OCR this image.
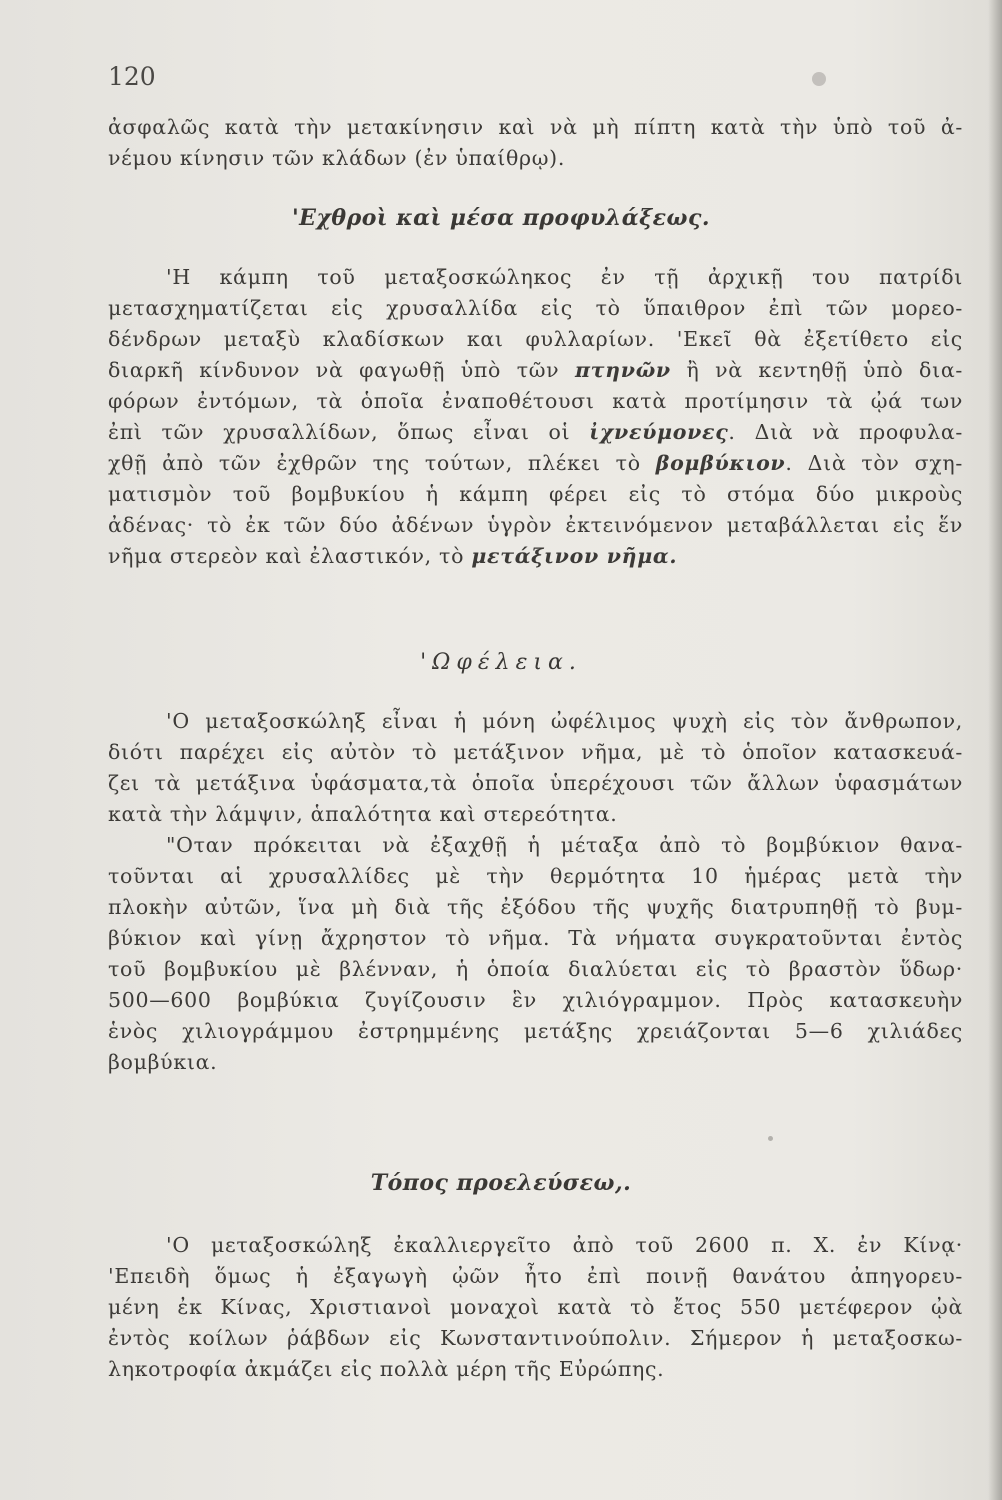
120
ἀσφαλῶς κατὰ τὴν μετακίνησιν καὶ νὰ μὴ πίπτη κατὰ τὴν ὑπὸ τοῦ ἀ-
νέμου κίνησιν τῶν κλάδων (ἐν ὑπαίθρῳ).
'Εχθροὶ καὶ μέσα προφυλάξεως.
'Η κάμπη τοῦ μεταξοσκώληκος ἐν τῇ ἀρχικῇ του πατρίδι
μετασχηματίζεται εἰς χρυσαλλίδα εἰς τὸ ὕπαιθρον ἐπὶ τῶν μορεο-
δένδρων μεταξὺ κλαδίσκων και φυλλαρίων. 'Εκεῖ θὰ ἐξετίθετο εἰς
διαρκῆ κίνδυνον νὰ φαγωθῇ ὑπὸ τῶν πτηνῶν ἢ νὰ κεντηθῇ ὑπὸ δια-
φόρων ἐντόμων, τὰ ὁποῖα ἐναποθέτουσι κατὰ προτίμησιν τὰ ᾠά των
ἐπὶ τῶν χρυσαλλίδων, ὅπως εἶναι οἱ ἰχνεύμονες. Διὰ νὰ προφυλα-
χθῇ ἀπὸ τῶν ἐχθρῶν της τούτων, πλέκει τὸ βομβύκιον. Διὰ τὸν σχη-
ματισμὸν τοῦ βομβυκίου ἡ κάμπη φέρει εἰς τὸ στόμα δύο μικροὺς
ἀδένας· τὸ ἐκ τῶν δύο ἀδένων ὑγρὸν ἐκτεινόμενον μεταβάλλεται εἰς ἕν
νῆμα στερεὸν καὶ ἐλαστικόν, τὸ μετάξινον νῆμα.
'Ωφέλεια.
'Ο μεταξοσκώληξ εἶναι ἡ μόνη ὠφέλιμος ψυχὴ εἰς τὸν ἄνθρωπον,
διότι παρέχει εἰς αὐτὸν τὸ μετάξινον νῆμα, μὲ τὸ ὁποῖον κατασκευά-
ζει τὰ μετάξινα ὑφάσματα,τὰ ὁποῖα ὑπερέχουσι τῶν ἄλλων ὑφασμάτων
κατὰ τὴν λάμψιν, ἁπαλότητα καὶ στερεότητα.
"Οταν πρόκειται νὰ ἐξαχθῇ ἡ μέταξα ἀπὸ τὸ βομβύκιον θανα-
τοῦνται αἱ χρυσαλλίδες μὲ τὴν θερμότητα 10 ἡμέρας μετὰ τὴν
πλοκὴν αὐτῶν, ἵνα μὴ διὰ τῆς ἐξόδου τῆς ψυχῆς διατρυπηθῇ τὸ βυμ-
βύκιον καὶ γίνῃ ἄχρηστον τὸ νῆμα. Τὰ νήματα συγκρατοῦνται ἐντὸς
τοῦ βομβυκίου μὲ βλένναν, ἡ ὁποία διαλύεται εἰς τὸ βραστὸν ὕδωρ·
500—600 βομβύκια ζυγίζουσιν ἓν χιλιόγραμμον. Πρὸς κατασκευὴν
ἑνὸς χιλιογράμμου ἐστρημμένης μετάξης χρειάζονται 5—6 χιλιάδες
βομβύκια.
Τόπος προελεύσεω,.
'Ο μεταξοσκώληξ ἐκαλλιεργεῖτο ἀπὸ τοῦ 2600 π. Χ. ἐν Κίνᾳ·
'Επειδὴ ὅμως ἡ ἐξαγωγὴ ᾠῶν ἦτο ἐπὶ ποινῇ θανάτου ἀπηγορευ-
μένη ἐκ Κίνας, Χριστιανοὶ μοναχοὶ κατὰ τὸ ἔτος 550 μετέφερον ᾠὰ
ἐντὸς κοίλων ῥάβδων εἰς Κωνσταντινούπολιν. Σήμερον ἡ μεταξοσκω-
ληκοτροφία ἀκμάζει εἰς πολλὰ μέρη τῆς Εὐρώπης.
